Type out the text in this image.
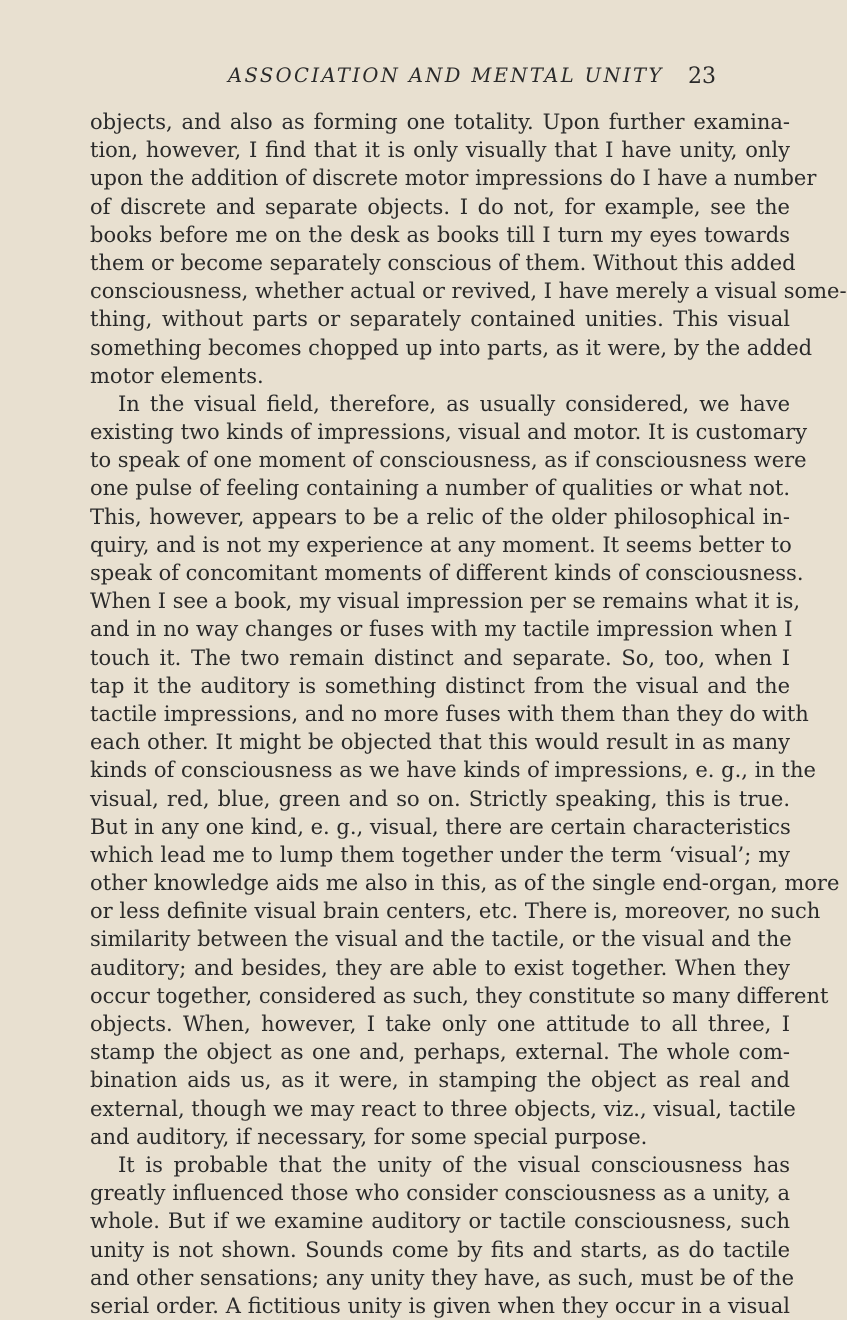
ASSOCIATION AND MENTAL UNITY 23
objects, and also as forming one totality. Upon further examina-
tion, however, I find that it is only visually that I have unity, only
upon the addition of discrete motor impressions do I have a number
of discrete and separate objects. I do not, for example, see the
books before me on the desk as books till I turn my eyes towards
them or become separately conscious of them. Without this added
consciousness, whether actual or revived, I have merely a visual some-
thing, without parts or separately contained unities. This visual
something becomes chopped up into parts, as it were, by the added
motor elements.
In the visual field, therefore, as usually considered, we have
existing two kinds of impressions, visual and motor. It is customary
to speak of one moment of consciousness, as if consciousness were
one pulse of feeling containing a number of qualities or what not.
This, however, appears to be a relic of the older philosophical in-
quiry, and is not my experience at any moment. It seems better to
speak of concomitant moments of different kinds of consciousness.
When I see a book, my visual impression per se remains what it is,
and in no way changes or fuses with my tactile impression when I
touch it. The two remain distinct and separate. So, too, when I
tap it the auditory is something distinct from the visual and the
tactile impressions, and no more fuses with them than they do with
each other. It might be objected that this would result in as many
kinds of consciousness as we have kinds of impressions, e. g., in the
visual, red, blue, green and so on. Strictly speaking, this is true.
But in any one kind, e. g., visual, there are certain characteristics
which lead me to lump them together under the term ‘visual’; my
other knowledge aids me also in this, as of the single end-organ, more
or less definite visual brain centers, etc. There is, moreover, no such
similarity between the visual and the tactile, or the visual and the
auditory; and besides, they are able to exist together. When they
occur together, considered as such, they constitute so many different
objects. When, however, I take only one attitude to all three, I
stamp the object as one and, perhaps, external. The whole com-
bination aids us, as it were, in stamping the object as real and
external, though we may react to three objects, viz., visual, tactile
and auditory, if necessary, for some special purpose.
It is probable that the unity of the visual consciousness has
greatly influenced those who consider consciousness as a unity, a
whole. But if we examine auditory or tactile consciousness, such
unity is not shown. Sounds come by fits and starts, as do tactile
and other sensations; any unity they have, as such, must be of the
serial order. A fictitious unity is given when they occur in a visual
